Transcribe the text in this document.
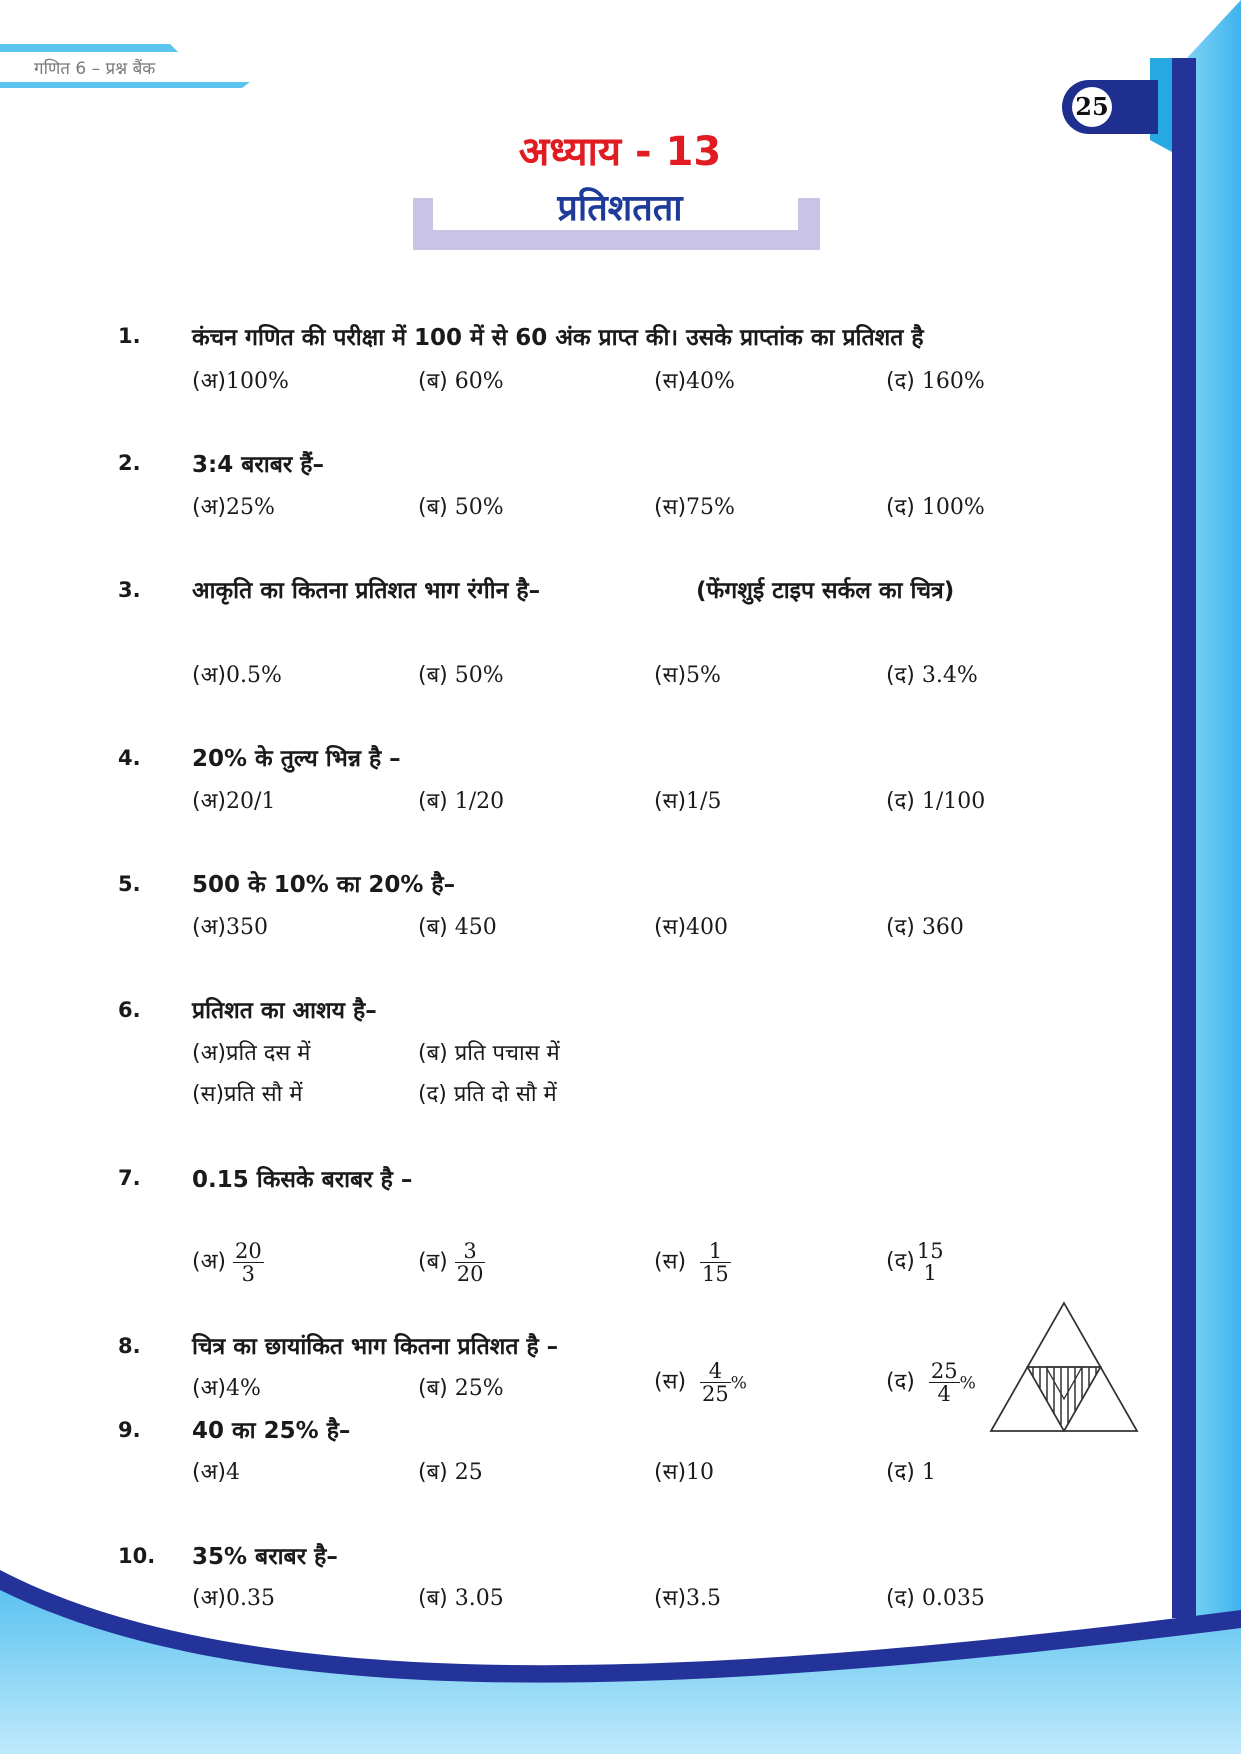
गणित 6 – प्रश्न बैंक
25
अध्याय - 13
प्रतिशतता
1. कंचन गणित की परीक्षा में 100 में से 60 अंक प्राप्त की। उसके प्राप्तांक का प्रतिशत है
(अ)100%	(ब) 60%	(स)40%	(द) 160%
2. 3:4 बराबर हैं–
(अ)25%	(ब) 50%	(स)75%	(द) 100%
3. आकृति का कितना प्रतिशत भाग रंगीन है–	(फेंगशुई टाइप सर्कल का चित्र)
(अ)0.5%	(ब) 50%	(स)5%	(द) 3.4%
4. 20% के तुल्य भिन्न है –
(अ)20/1	(ब) 1/20	(स)1/5	(द) 1/100
5. 500 के 10% का 20% है–
(अ)350	(ब) 450	(स)400	(द) 360
6. प्रतिशत का आशय है–
(अ)प्रति दस में	(ब) प्रति पचास में
(स)प्रति सौ में	(द) प्रति दो सौ में
7. 0.15 किसके बराबर है –
(अ) $\frac{20}{3}$	(ब) $\frac{3}{20}$	(स) $\frac{1}{15}$	(द) 15
1
8. चित्र का छायांकित भाग कितना प्रतिशत है –
(अ)4%	(ब) 25%	(स) $\frac{4}{25}$ %	(द) $\frac{25}{4}$ %
9. 40 का 25% है–
(अ)4	(ब) 25	(स)10	(द) 1
10. 35% बराबर है–
(अ)0.35	(ब) 3.05	(स)3.5	(द) 0.035
